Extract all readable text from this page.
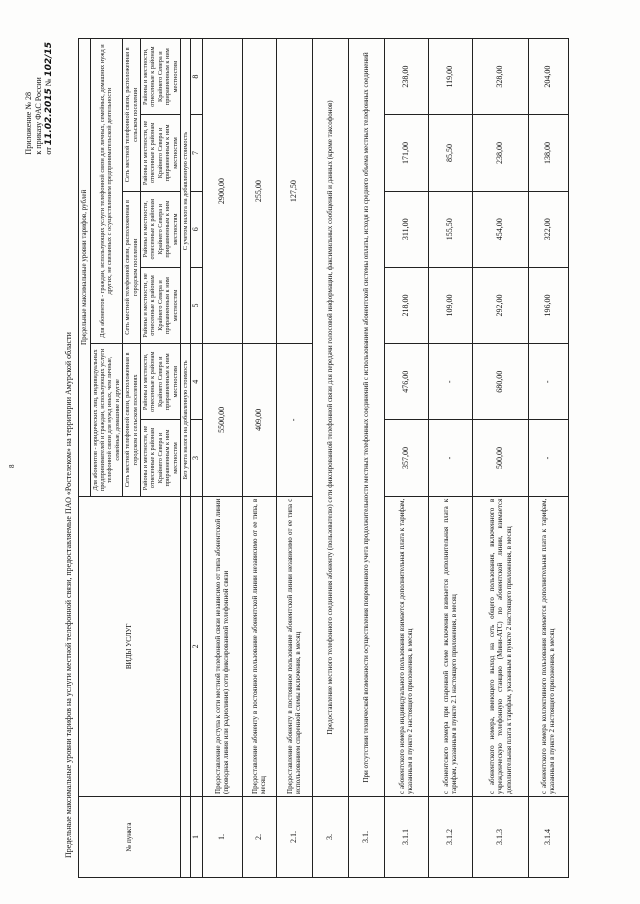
8
Приложение № 28 к приказу ФАС России от 11.02.2015 № 102/15
Предельные максимальные уровни тарифов на услуги местной телефонной связи, предоставляемые ПАО «Ростелеком» на территории Амурской области	№ пункта	ВИДЫ УСЛУГ	Предельные максимальные уровни тарифов, рублей					
		Для абонентов - юридических лиц, индивидуальных предпринимателей и граждан, использующих услуги телефонной связи для нужд иных, чем личные, семейные, домашние и другие		Для абонентов - граждан, использующих услуги телефонной связи для личных, семейных, домашних нужд и других, не связанных с осуществлением предпринимательской деятельности			
		Сеть местной телефонной связи, расположенная в городском и сельском поселениях		Сеть местной телефонной связи, расположенная в городском поселении		Сеть местной телефонной связи, расположенная в сельском поселении	
		Районы и местности, не отнесенные к районам Крайнего Севера и приравненным к ним местностям	Районы и местности, отнесенные к районам Крайнего Севера и приравненным к ним местностям	Районы и местности, не отнесенные к районам Крайнего Севера и приравненным к ним местностям	Районы и местности, отнесенные к районам Крайнего Севера и приравненным к ним местностям	Районы и местности, не отнесенные к районам Крайнего Севера и приравненным к ним местностям	Районы и местности, отнесенные к районам Крайнего Севера и приравненным к ним местностям
		Без учета налога на добавленную стоимость		С учетом налога на добавленную стоимость			
1	2	3	4	5	6	7	8
1.	Предоставление доступа к сети местной телефонной связи независимо от типа абонентской линии (проводная линия или радиолиния) сети фиксированной телефонной связи	5500,00		2900,00			
2.	Предоставление абоненту в постоянное пользование абонентской линии независимо от ее типа, в месяц	409,00		255,00			
2.1.	Предоставление абоненту в постоянное пользование абонентской линии независимо от ее типа с использованием спаренной схемы включения, в месяц	-		127,50			
3.	Предоставление местного телефонного соединения абоненту (пользователю) сети фиксированной телефонной связи для передачи голосовой информации, факсимильных сообщений и данных (кроме таксофонов)						
3.1.	При отсутствии технической возможности осуществления повременного учета продолжительности местных телефонных соединений с использованием абонентской системы оплаты, исходя из среднего объема местных телефонных соединений						
3.1.1	с абонентского номера индивидуального пользования взимается дополнительная плата к тарифам, указанным в пункте 2 настоящего приложения, в месяц	357,00	476,00	218,00	311,00	171,00	238,00
3.1.2	с абонентского номера при спаренной схеме включения взимается дополнительная плата к тарифам, указанным в пункте 2.1 настоящего приложения, в месяц	-	-	109,00	155,50	85,50	119,00
3.1.3	с абонентского номера, имеющего выход на сеть общего пользования, включенного в учрежденческую телефонную станцию (Мини-АТС) по абонентской линии, взимается дополнительная плата к тарифам, указанным в пункте 2 настоящего приложения, в месяц	500,00	680,00	292,00	454,00	238,00	328,00
3.1.4	с абонентского номера коллективного пользования взимается дополнительная плата к тарифам, указанным в пункте 2 настоящего приложения, в месяц	-	-	196,00	322,00	138,00	204,00
